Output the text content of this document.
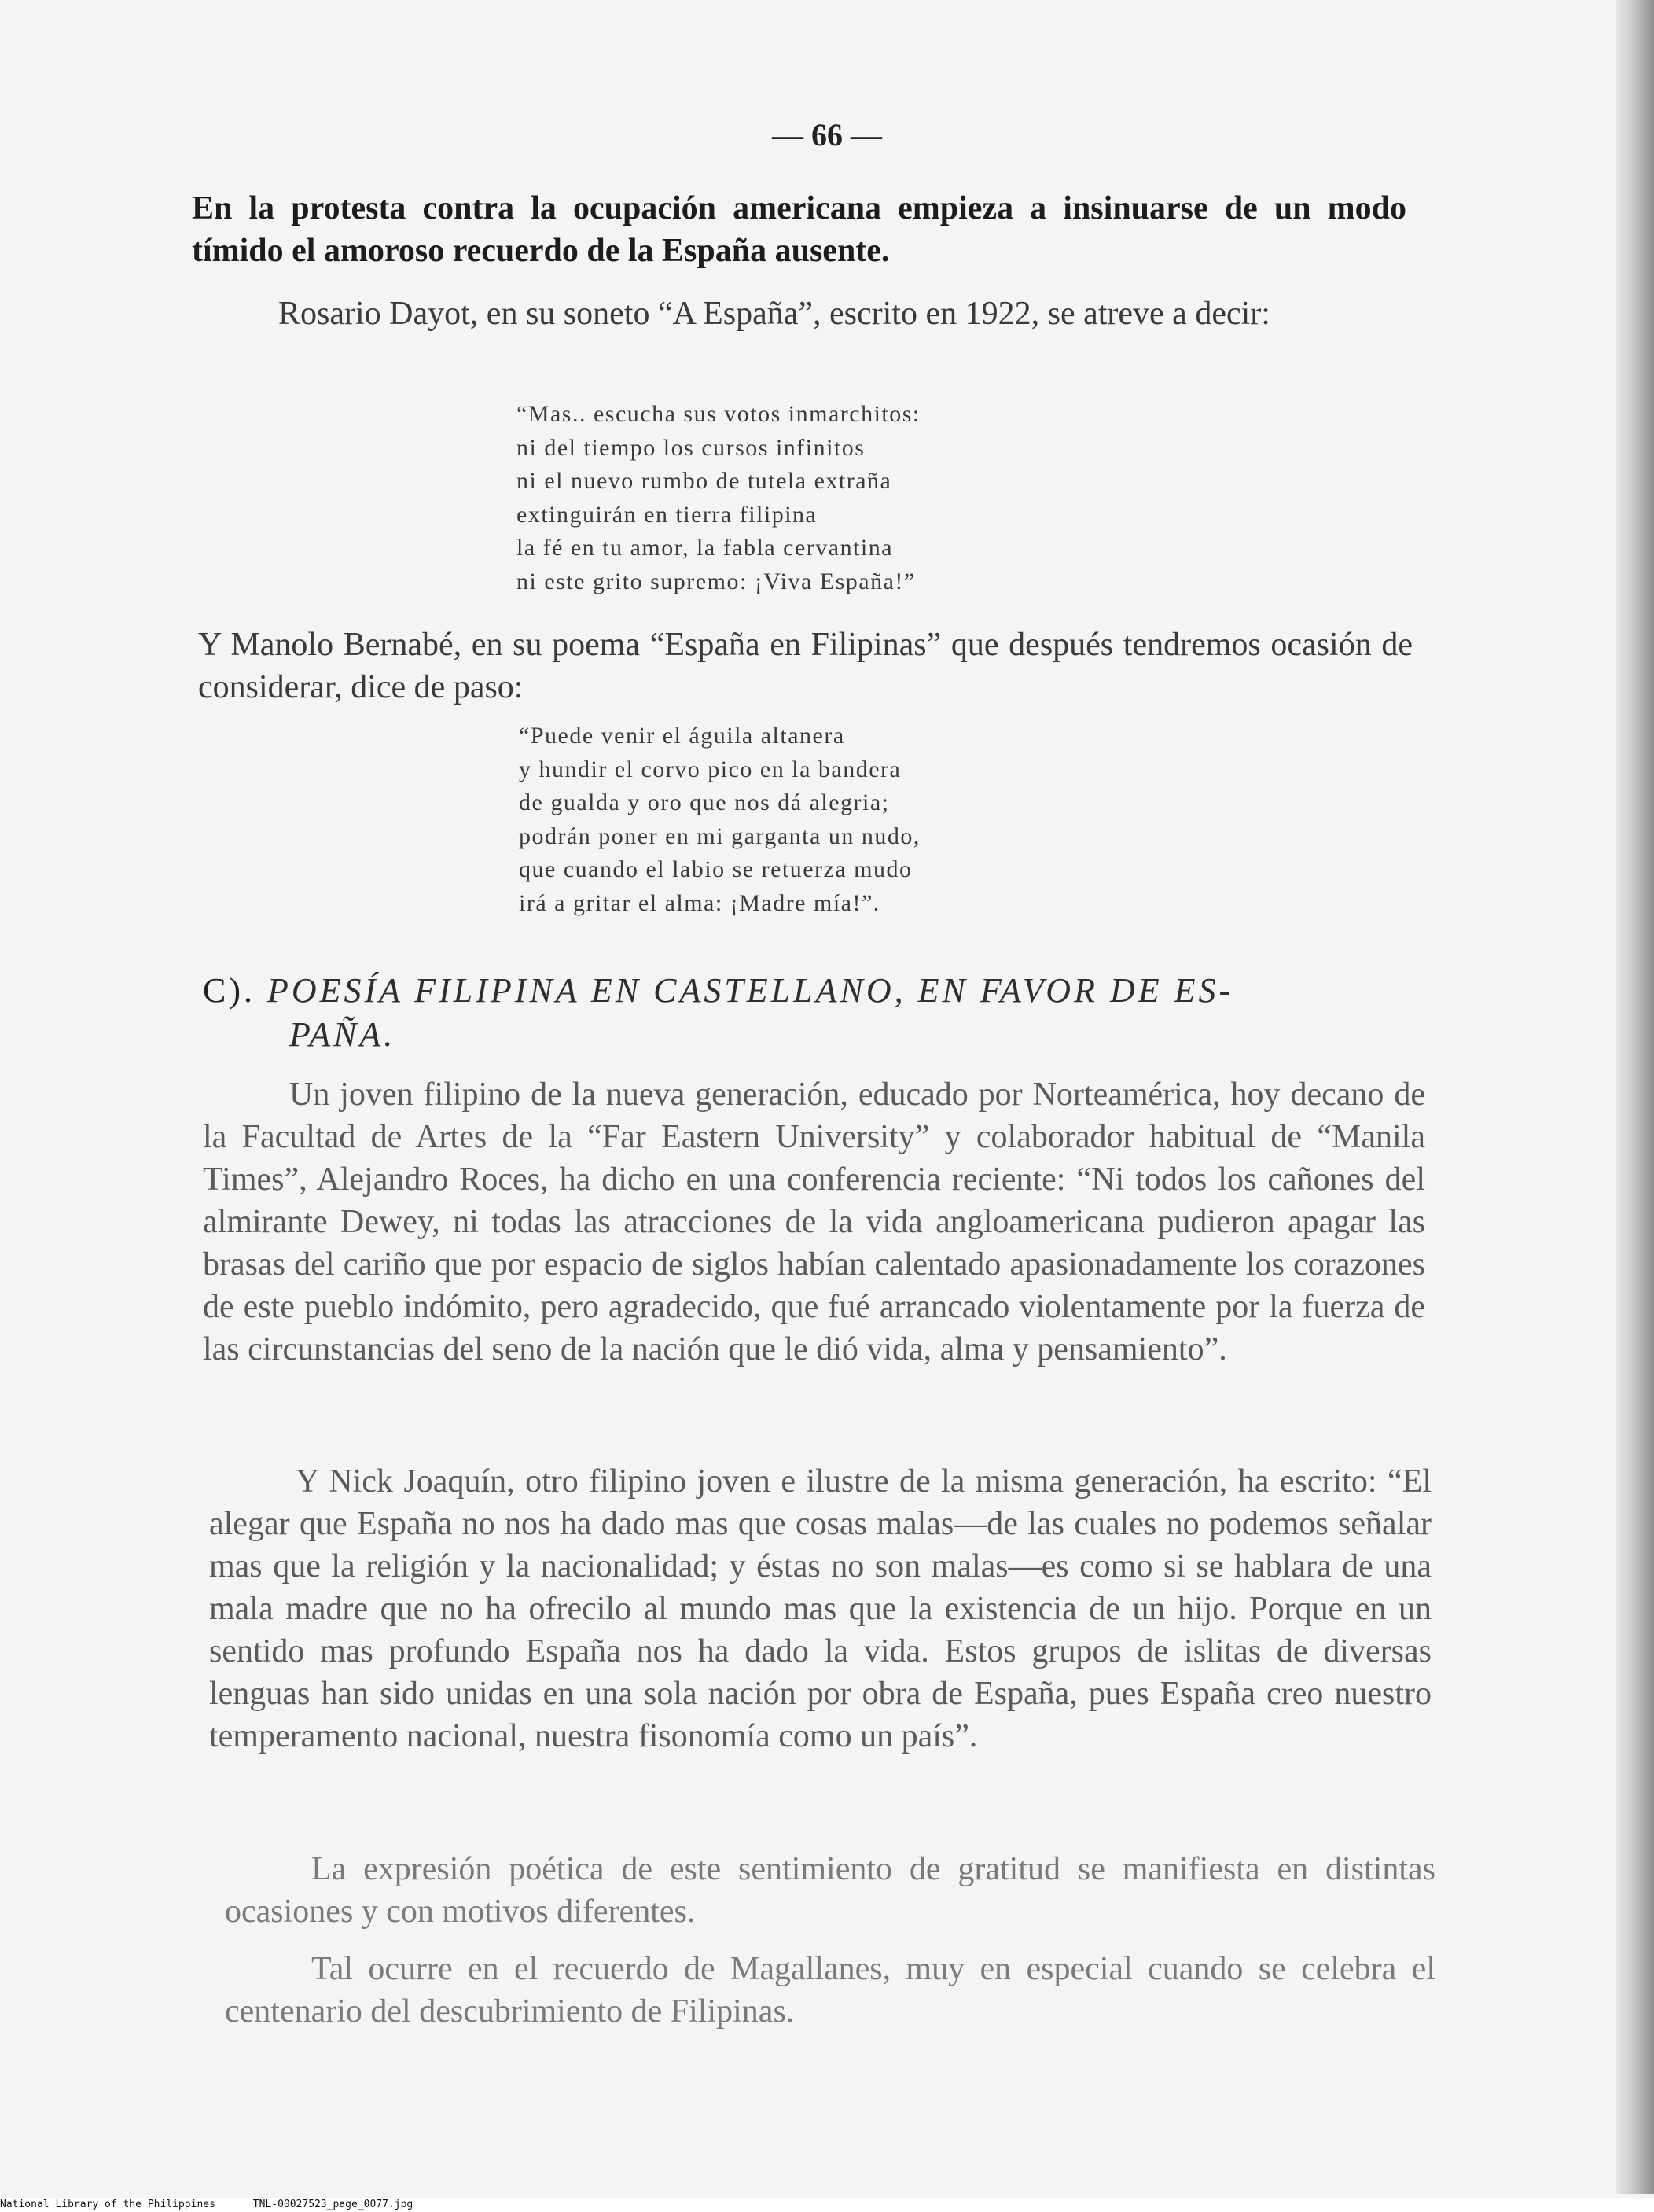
— 66 —

En la protesta contra la ocupación americana empieza a insinuarse de un modo tímido el amoroso recuerdo de la España ausente.

Rosario Dayot, en su soneto “A España”, escrito en 1922, se atreve a decir:

“Mas.. escucha sus votos inmarchitos:
ni del tiempo los cursos infinitos
ni el nuevo rumbo de tutela extraña
extinguirán en tierra filipina
la fé en tu amor, la fabla cervantina
ni este grito supremo: ¡Viva España!”

Y Manolo Bernabé, en su poema “España en Filipinas” que después tendremos ocasión de considerar, dice de paso:

“Puede venir el águila altanera
y hundir el corvo pico en la bandera
de gualda y oro que nos dá alegria;
podrán poner en mi garganta un nudo,
que cuando el labio se retuerza mudo
irá a gritar el alma: ¡Madre mía!”.
C). POESÍA FILIPINA EN CASTELLANO, EN FAVOR DE ES-
PAÑA.

Un joven filipino de la nueva generación, educado por Norteamérica, hoy decano de la Facultad de Artes de la “Far Eastern University” y colaborador habitual de “Manila Times”, Alejandro Roces, ha dicho en una conferencia reciente: “Ni todos los cañones del almirante Dewey, ni todas las atracciones de la vida angloamericana pudieron apagar las brasas del cariño que por espacio de siglos habían calentado apasionadamente los corazones de este pueblo indómito, pero agradecido, que fué arrancado violentamente por la fuerza de las circunstancias del seno de la nación que le dió vida, alma y pensamiento”.

Y Nick Joaquín, otro filipino joven e ilustre de la misma generación, ha escrito: “El alegar que España no nos ha dado mas que cosas malas—de las cuales no podemos señalar mas que la religión y la nacionalidad; y éstas no son malas—es como si se hablara de una mala madre que no ha ofrecilo al mundo mas que la existencia de un hijo. Porque en un sentido mas profundo España nos ha dado la vida. Estos grupos de islitas de diversas lenguas han sido unidas en una sola nación por obra de España, pues España creo nuestro temperamento nacional, nuestra fisonomía como un país”.

La expresión poética de este sentimiento de gratitud se manifiesta en distintas ocasiones y con motivos diferentes.

Tal ocurre en el recuerdo de Magallanes, muy en especial cuando se celebra el centenario del descubrimiento de Filipinas.

National Library of the Philippines	TNL-00027523_page_0077.jpg
